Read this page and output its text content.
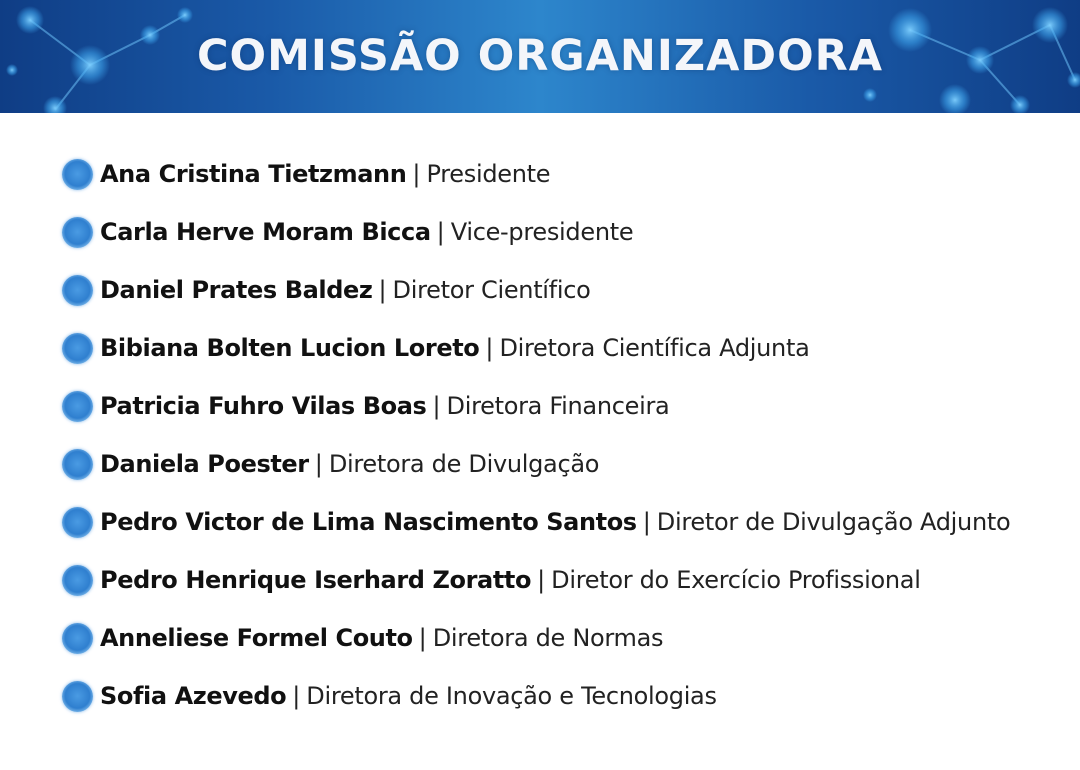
COMISSÃO ORGANIZADORA
Ana Cristina Tietzmann | Presidente
Carla Herve Moram Bicca | Vice-presidente
Daniel Prates Baldez | Diretor Científico
Bibiana Bolten Lucion Loreto | Diretora Científica Adjunta
Patricia Fuhro Vilas Boas | Diretora Financeira
Daniela Poester | Diretora de Divulgação
Pedro Victor de Lima Nascimento Santos | Diretor de Divulgação Adjunto
Pedro Henrique Iserhard Zoratto | Diretor do Exercício Profissional
Anneliese Formel Couto | Diretora de Normas
Sofia Azevedo | Diretora de Inovação e Tecnologias
